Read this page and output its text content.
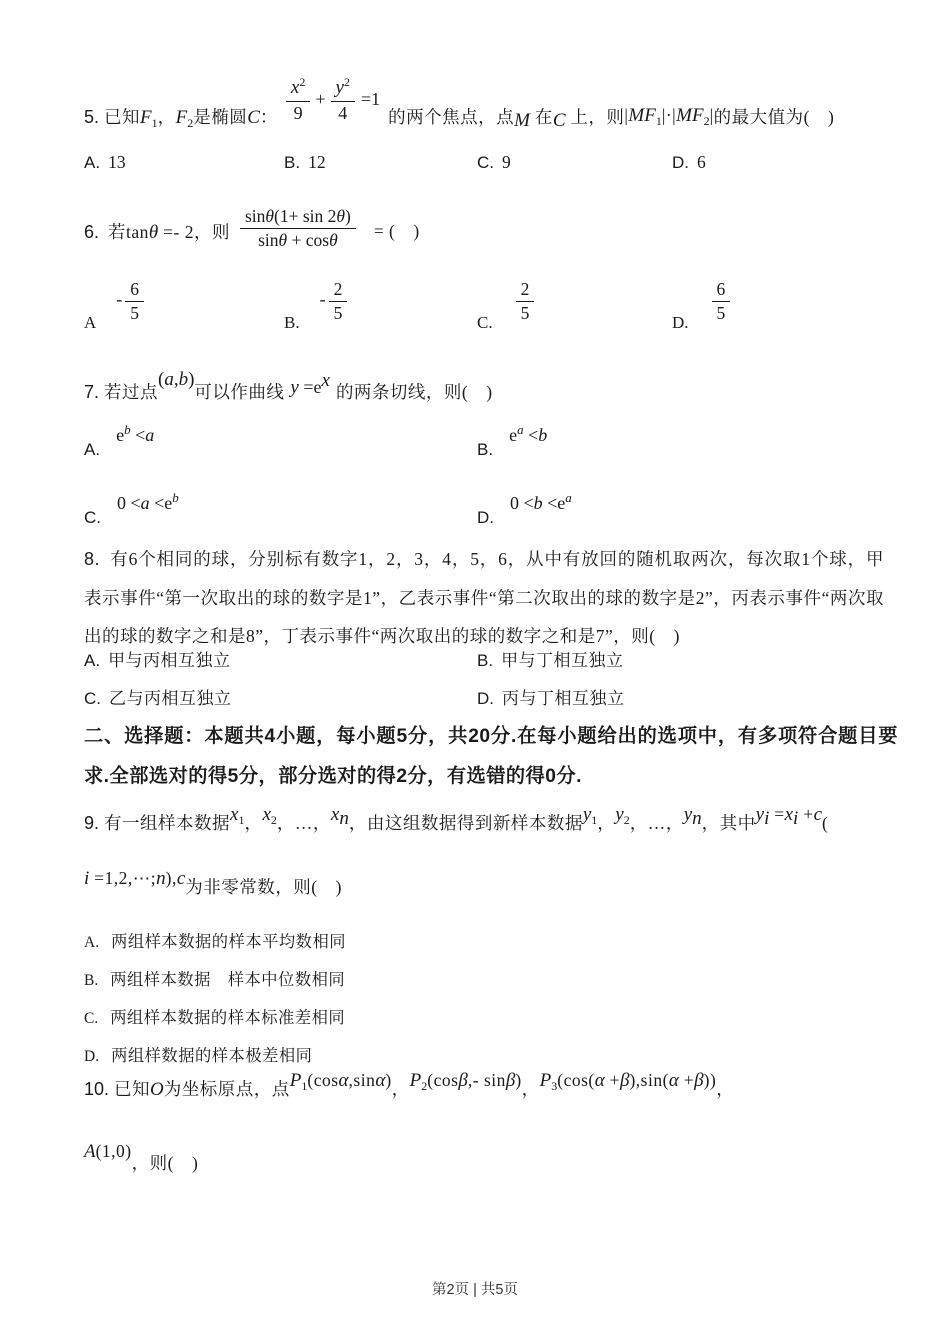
5. 已知$F_1$，$F_2$是椭圆C： $\frac{x^2}{9} + \frac{y^2}{4} =1$
的两个焦点，点M 在C 上，则$|MF_1|\cdot|MF_2|$的最大值为(　)
A. 13	B. 12	C. 9	D. 6
6. 若tanθ =- 2，则 $\frac{\sin\theta(1+ \sin 2\theta)}{\sin\theta + \cos\theta}$ = (　)
A
- $\frac{6}{5}$	B.
- $\frac{2}{5}$	C. $\frac{2}{5}$	D. $\frac{6}{5}$
7. 若过点(a,b)可以作曲线 $y =e^x$的两条切线，则(　)
A.
$e^b <a$
B.
$e^a <b$
C.
$0 <a <e^b$
D.
$0 <b <e^a$
8. 有6个相同的球，分别标有数字1，2，3，4，5，6，从中有放回的随机取两次，每次取1个球，甲表示事件“第一次取出的球的数字是1”，乙表示事件“第二次取出的球的数字是2”，丙表示事件“两次取出的球的数字之和是8”，丁表示事件“两次取出的球的数字之和是7”，则(　)
A. 甲与丙相互独立	B. 甲与丁相互独立
C. 乙与丙相互独立	D. 丙与丁相互独立
二、选择题：本题共4小题，每小题5分，共20分.在每小题给出的选项中，有多项符合题目要求.全部选对的得5分，部分选对的得2分，有选错的得0分.
9. 有一组样本数据$x_1$，$x_2$，…，$x_n$，由这组数据得到新样本数据$y_1$，$y_2$，…，$y_n$，其中$y_i =x_i +c$(
i =1,2,⋯;n),c为非零常数，则(　)
A. 两组样本数据的样本平均数相同
B. 两组样本数据　样本中位数相同
C. 两组样本数据的样本标准差相同
D. 两组样数据的样本极差相同
10. 已知O为坐标原点，点$P_1(\cos\alpha,\sin\alpha)$，$P_2(\cos\beta,-$ sinβ)，$P_3(\cos(\alpha +\beta),\sin(\alpha +\beta))$，
A(1,0)，则(　)
第2页 | 共5页
